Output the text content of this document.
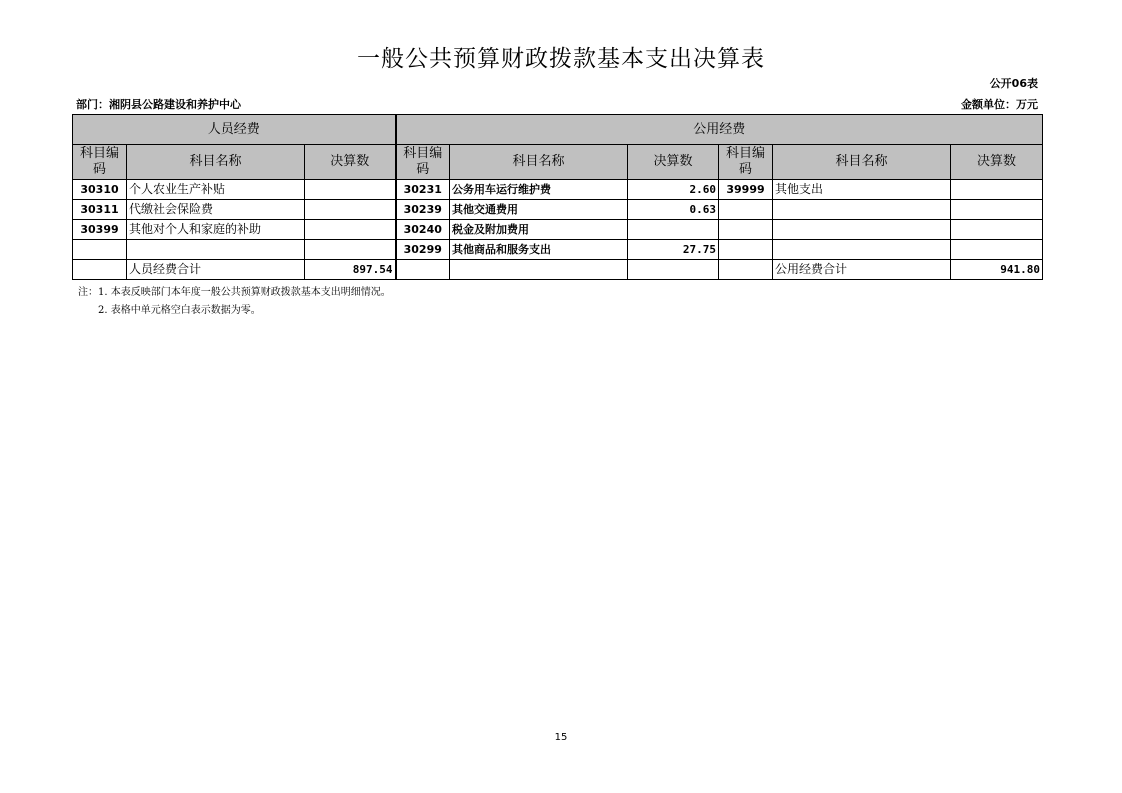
一般公共预算财政拨款基本支出决算表
公开06表
部门：湘阴县公路建设和养护中心	金额单位：万元
人员经费			公用经费					
科目编码	科目名称	决算数	科目编码	科目名称	决算数	科目编码	科目名称	决算数
30310	个人农业生产补贴		30231	公务用车运行维护费	2.60	39999	其他支出	
30311	代缴社会保险费		30239	其他交通费用	0.63			
30399	其他对个人和家庭的补助		30240	税金及附加费用				
			30299	其他商品和服务支出	27.75			
	人员经费合计	897.54					公用经费合计	941.80
注：1. 本表反映部门本年度一般公共预算财政拨款基本支出明细情况。
2. 表格中单元格空白表示数据为零。
15
